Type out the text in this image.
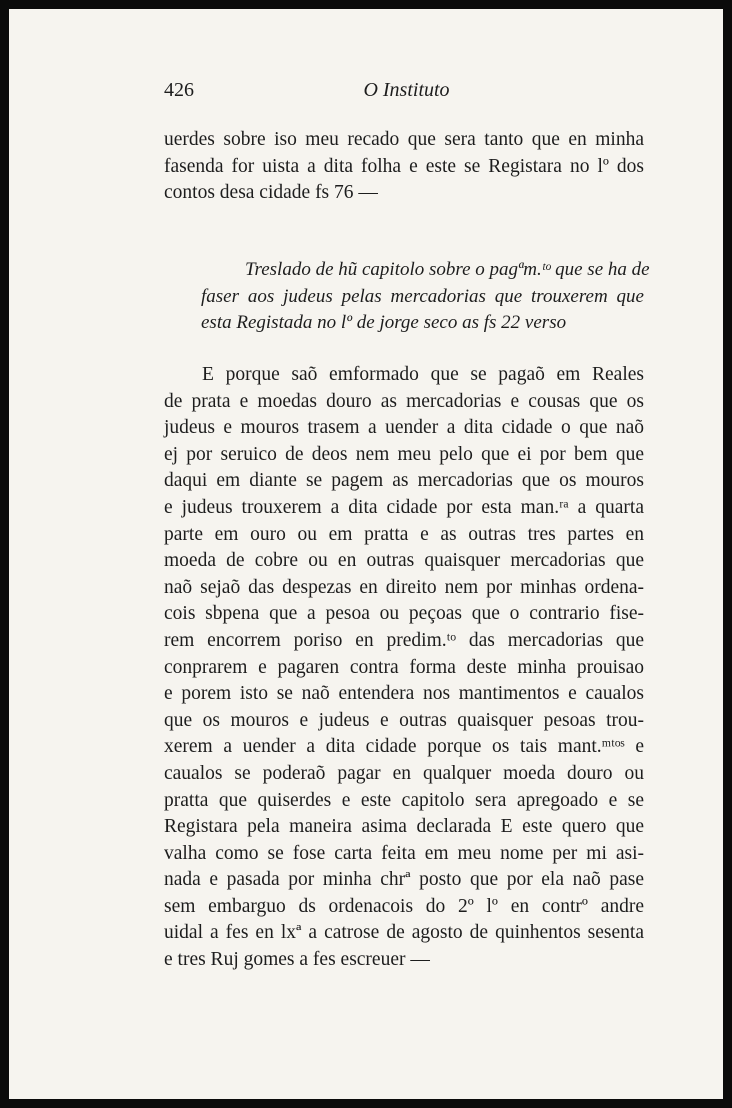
426	O Instituto
uerdes sobre iso meu recado que sera tanto que en minha
fasenda for uista a dita folha e este se Registara no lº dos
contos desa cidade fs 76 —
Treslado de hũ capitolo sobre o pagªm.ᵗᵒ que se ha de
faser aos judeus pelas mercadorias que trouxerem que
esta Registada no lº de jorge seco as fs 22 verso
E porque saõ emformado que se pagaõ em Reales
de prata e moedas douro as mercadorias e cousas que os
judeus e mouros trasem a uender a dita cidade o que naõ
ej por seruico de deos nem meu pelo que ei por bem que
daqui em diante se pagem as mercadorias que os mouros
e judeus trouxerem a dita cidade por esta man.ʳᵃ a quarta
parte em ouro ou em pratta e as outras tres partes en
moeda de cobre ou en outras quaisquer mercadorias que
naõ sejaõ das despezas en direito nem por minhas ordena-
cois sbpena que a pesoa ou peçoas que o contrario fise-
rem encorrem poriso en predim.ᵗᵒ das mercadorias que
conprarem e pagaren contra forma deste minha prouisao
e porem isto se naõ entendera nos mantimentos e caualos
que os mouros e judeus e outras quaisquer pesoas trou-
xerem a uender a dita cidade porque os tais mant.ᵐᵗᵒˢ e
caualos se poderaõ pagar en qualquer moeda douro ou
pratta que quiserdes e este capitolo sera apregoado e se
Registara pela maneira asima declarada E este quero que
valha como se fose carta feita em meu nome per mi asi-
nada e pasada por minha chrª posto que por ela naõ pase
sem embarguo ds ordenacois do 2º lº en contrº andre
uidal a fes en lxª a catrose de agosto de quinhentos sesenta
e tres Ruj gomes a fes escreuer —
